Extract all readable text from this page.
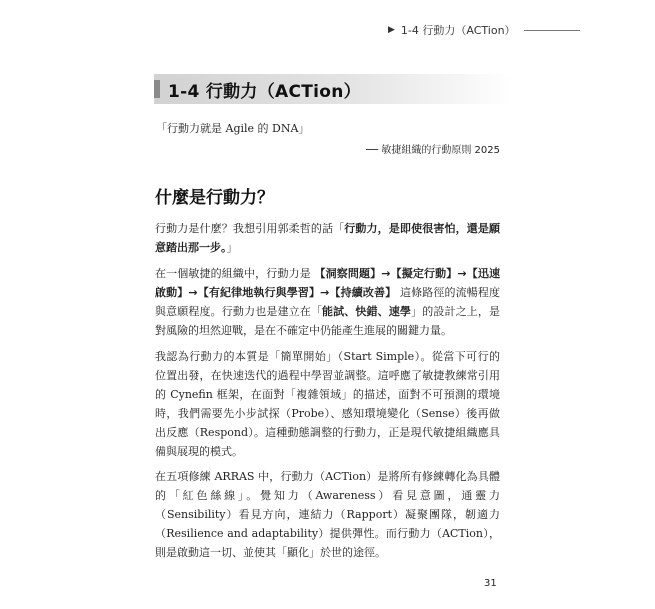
▶ 1-4 行動力（ACTion）
1-4 行動力（ACTion）
「行動力就是 Agile 的 DNA」
── 敏捷組織的行動原則 2025
什麼是行動力？

行動力是什麼？我想引用郭柔哲的話「行動力，是即使很害怕，還是願意踏出那一步。」

在一個敏捷的組織中，行動力是 【洞察問題】→【擬定行動】→【迅速啟動】→【有紀律地執行與學習】→【持續改善】 這條路徑的流暢程度與意願程度。行動力也是建立在「能試、快錯、速學」的設計之上，是對風險的坦然迎戰，是在不確定中仍能產生進展的關鍵力量。

我認為行動力的本質是「簡單開始」（Start Simple）。從當下可行的位置出發，在快速迭代的過程中學習並調整。這呼應了敏捷教練常引用的 Cynefin 框架，在面對「複雜領域」的描述，面對不可預測的環境時，我們需要先小步試探（Probe）、感知環境變化（Sense）後再做出反應（Respond）。這種動態調整的行動力，正是現代敏捷組織應具備與展現的模式。

在五項修練 ARRAS 中，行動力（ACTion）是將所有修練轉化為具體的「紅色絲線」。覺知力（Awareness）看見意圖，通靈力（Sensibility）看見方向，連結力（Rapport）凝聚團隊，韌適力（Resilience and adaptability）提供彈性。而行動力（ACTion），則是啟動這一切、並使其「顯化」於世的途徑。

31
